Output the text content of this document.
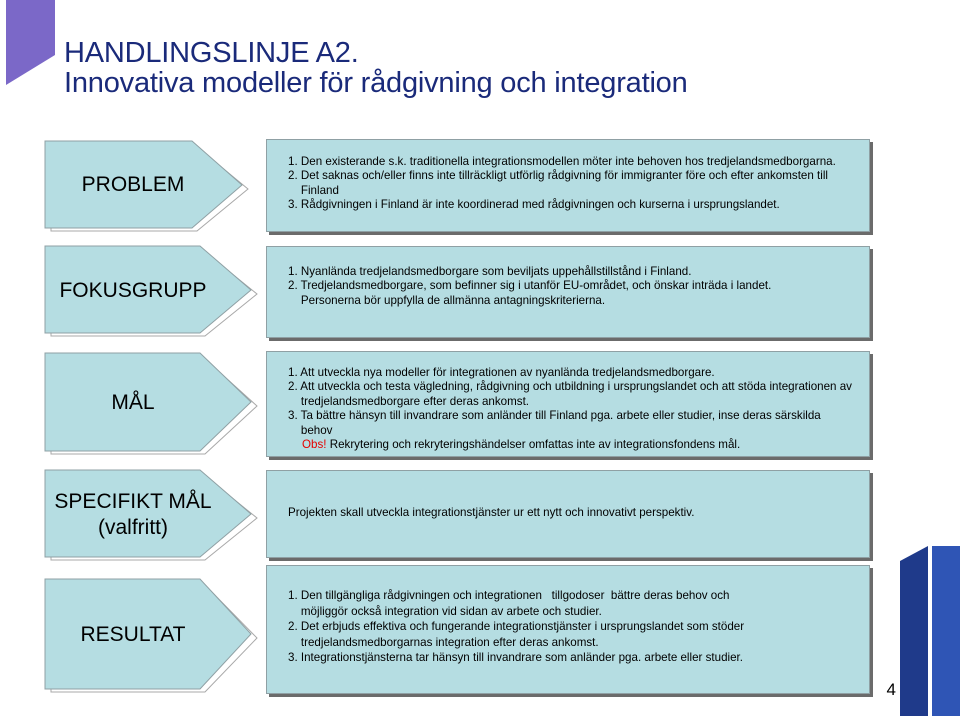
HANDLINGSLINJE A2.
Innovativa modeller för rådgivning och integration
PROBLEM
1. Den existerande s.k. traditionella integrationsmodellen möter inte behoven hos tredjelandsmedborgarna.
2. Det saknas och/eller finns inte tillräckligt utförlig rådgivning för immigranter före och efter ankomsten till
Finland
3. Rådgivningen i Finland är inte koordinerad med rådgivningen och kurserna i ursprungslandet.
FOKUSGRUPP
1. Nyanlända tredjelandsmedborgare som beviljats uppehållstillstånd i Finland.
2. Tredjelandsmedborgare, som befinner sig i utanför EU-området, och önskar inträda i landet.
Personerna bör uppfylla de allmänna antagningskriterierna.
MÅL
1. Att utveckla nya modeller för integrationen av nyanlända tredjelandsmedborgare.
2. Att utveckla och testa vägledning, rådgivning och utbildning i ursprungslandet och att stöda integrationen av
tredjelandsmedborgare efter deras ankomst.
3. Ta bättre hänsyn till invandrare som anländer till Finland pga. arbete eller studier, inse deras särskilda
behov
Obs! Rekrytering och rekryteringshändelser omfattas inte av integrationsfondens mål.
SPECIFIKT MÅL
(valfritt)
Projekten skall utveckla integrationstjänster ur ett nytt och innovativt perspektiv.
RESULTAT
1. Den tillgängliga rådgivningen och integrationen   tillgodoser  bättre deras behov och
möjliggör också integration vid sidan av arbete och studier.
2. Det erbjuds effektiva och fungerande integrationstjänster i ursprungslandet som stöder
tredjelandsmedborgarnas integration efter deras ankomst.
3. Integrationstjänsterna tar hänsyn till invandrare som anländer pga. arbete eller studier.
4
